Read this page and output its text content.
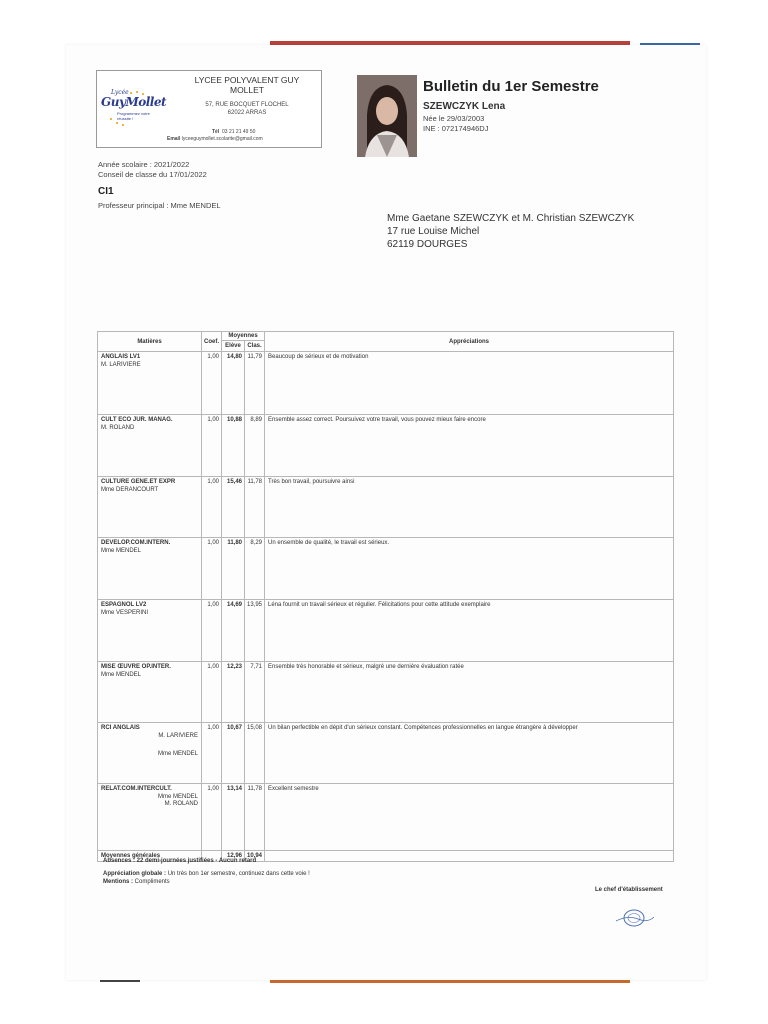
Lycée
GuyMollet
Programmez votre réussite !
LYCEE POLYVALENT GUY
MOLLET
57, RUE BOCQUET FLOCHEL
62022 ARRAS
Tél 03 21 21 49 50
Email lyceeguymollet.scolarite@gmail.com
Bulletin du 1er Semestre
SZEWCZYK Lena
Née le 29/03/2003
INE : 072174946DJ
Année scolaire : 2021/2022
Conseil de classe du 17/01/2022
CI1
Professeur principal : Mme MENDEL
Mme Gaetane SZEWCZYK et M. Christian SZEWCZYK
17 rue Louise Michel
62119 DOURGES
Matières	Coef.	Moyennes		Appréciations
		Elève	Clas.	

ANGLAIS LV1
M. LARIVIERE	1,00	14,80	11,79	Beaucoup de sérieux et de motivation

CULT ECO JUR. MANAG.
M. ROLAND	1,00	10,88	8,89	Ensemble assez correct. Poursuivez votre travail, vous pouvez mieux faire encore

CULTURE GENE.ET EXPR
Mme DERANCOURT	1,00	15,46	11,78	Très bon travail, poursuivre ainsi

DEVELOP.COM.INTERN.
Mme MENDEL	1,00	11,80	8,29	Un ensemble de qualité, le travail est sérieux.

ESPAGNOL LV2
Mme VESPERINI	1,00	14,69	13,95	Léna fournit un travail sérieux et régulier. Félicitations pour cette attitude exemplaire

MISE ŒUVRE OP.INTER.
Mme MENDEL	1,00	12,23	7,71	Ensemble très honorable et sérieux, malgré une dernière évaluation ratée

RCI ANGLAIS
M. LARIVIERE
Mme MENDEL	1,00	10,67	15,08	Un bilan perfectible en dépit d'un sérieux constant. Compétences professionnelles en langue étrangère à développer

RELAT.COM.INTERCULT.
Mme MENDEL
M. ROLAND	1,00	13,14	11,78	Excellent semestre
Moyennes générales		12,96	10,94	
Absences : 22 demi-journées justifiées - Aucun retard
Appréciation globale : Un très bon 1er semestre, continuez dans cette voie !
Mentions : Compliments
Le chef d'établissement
